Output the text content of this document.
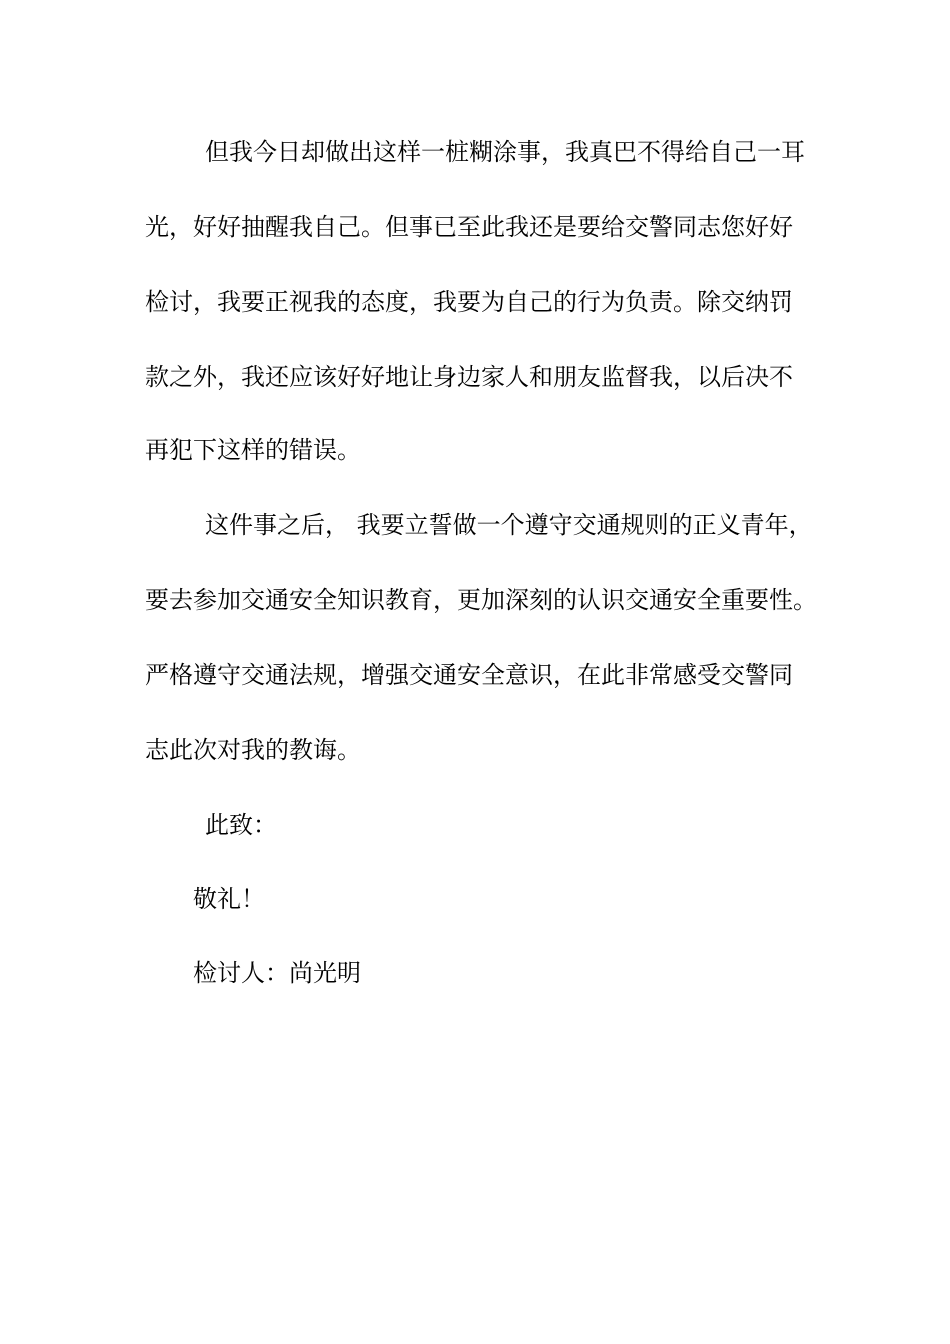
但我今日却做出这样一桩糊涂事，我真巴不得给自己一耳

光，好好抽醒我自己。但事已至此我还是要给交警同志您好好

检讨，我要正视我的态度，我要为自己的行为负责。除交纳罚

款之外，我还应该好好地让身边家人和朋友监督我，以后决不

再犯下这样的错误。

这件事之后， 我要立誓做一个遵守交通规则的正义青年，

要去参加交通安全知识教育，更加深刻的认识交通安全重要性。

严格遵守交通法规，增强交通安全意识，在此非常感受交警同

志此次对我的教诲。

此致：

敬礼！

检讨人：尚光明
